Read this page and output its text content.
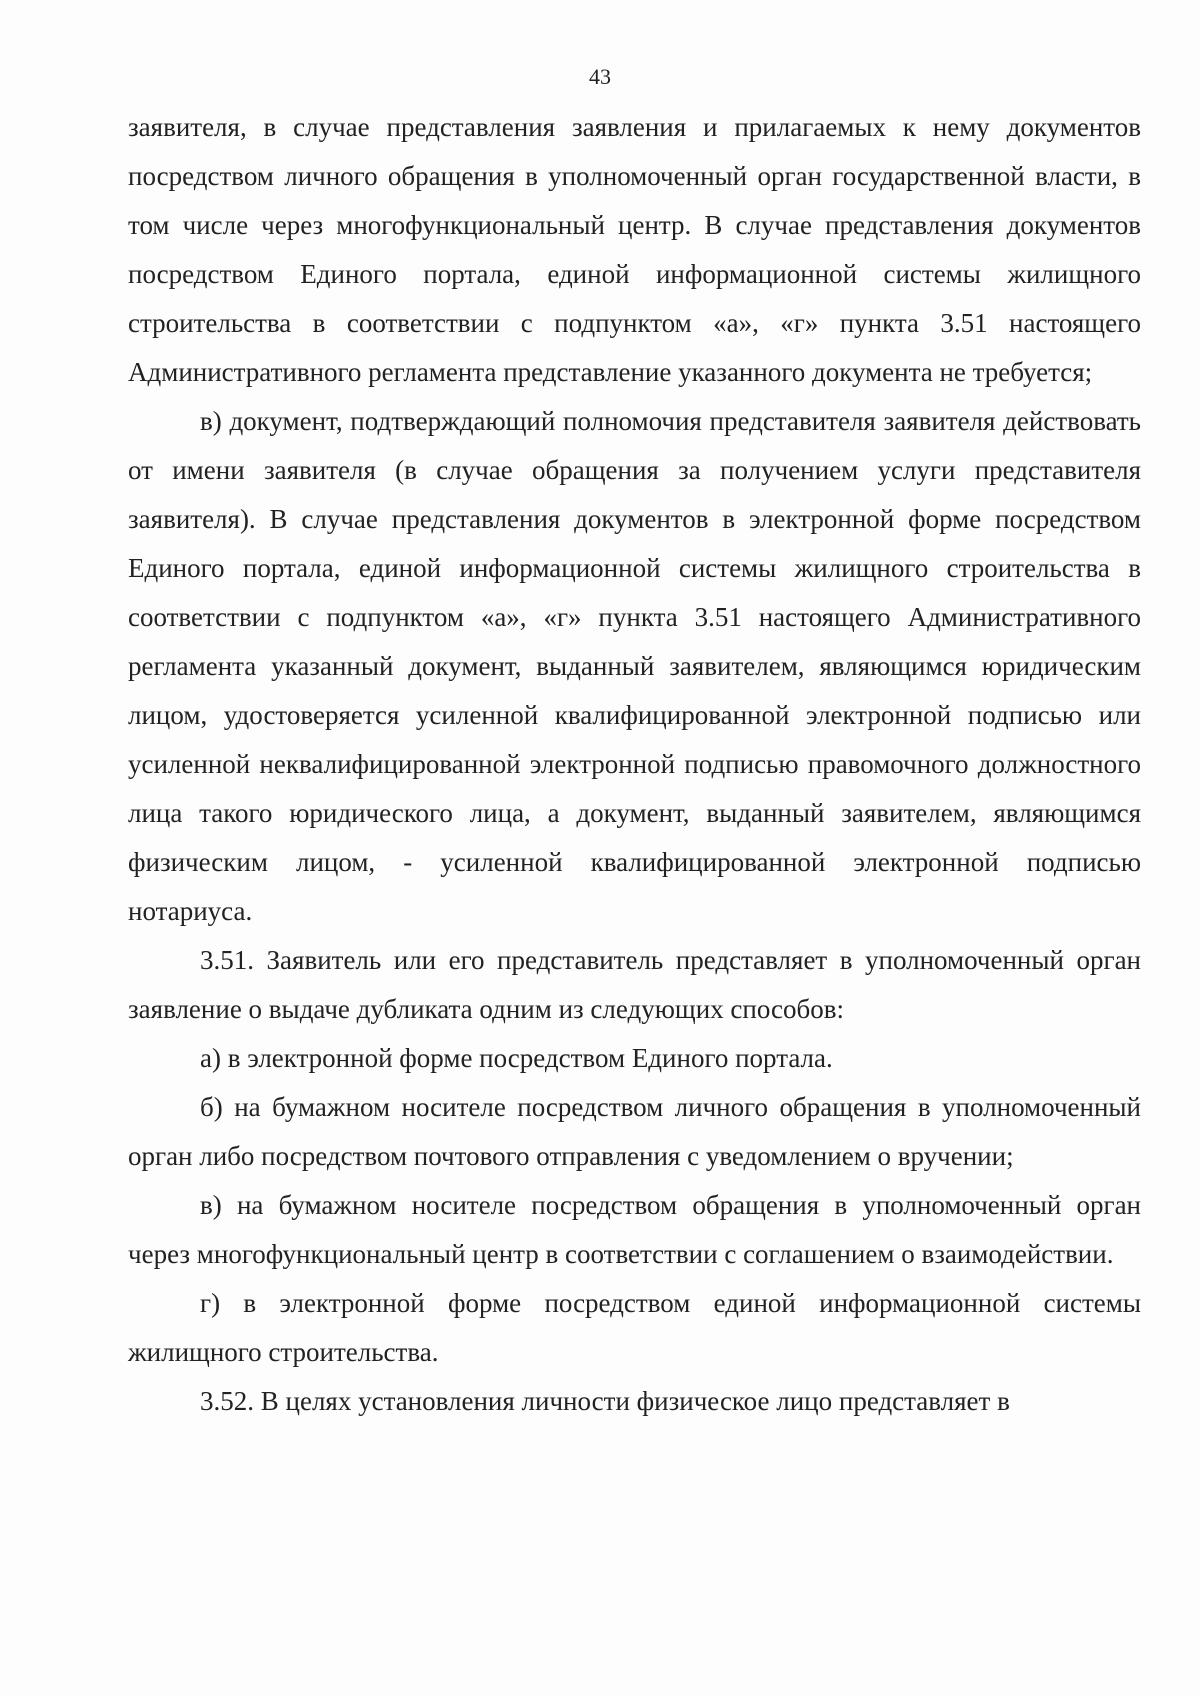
43

заявителя, в случае представления заявления и прилагаемых к нему документов посредством личного обращения в уполномоченный орган государственной власти, в том числе через многофункциональный центр. В случае представления документов посредством Единого портала, единой информационной системы жилищного строительства в соответствии с подпунктом «а», «г» пункта 3.51 настоящего Административного регламента представление указанного документа не требуется;

в) документ, подтверждающий полномочия представителя заявителя действовать от имени заявителя (в случае обращения за получением услуги представителя заявителя). В случае представления документов в электронной форме посредством Единого портала, единой информационной системы жилищного строительства в соответствии с подпунктом «а», «г» пункта 3.51 настоящего Административного регламента указанный документ, выданный заявителем, являющимся юридическим лицом, удостоверяется усиленной квалифицированной электронной подписью или усиленной неквалифицированной электронной подписью правомочного должностного лица такого юридического лица, а документ, выданный заявителем, являющимся физическим лицом, - усиленной квалифицированной электронной подписью нотариуса.

3.51. Заявитель или его представитель представляет в уполномоченный орган заявление о выдаче дубликата одним из следующих способов:

а) в электронной форме посредством Единого портала.

б) на бумажном носителе посредством личного обращения в уполномоченный орган либо посредством почтового отправления с уведомлением о вручении;

в) на бумажном носителе посредством обращения в уполномоченный орган через многофункциональный центр в соответствии с соглашением о взаимодействии.

г) в электронной форме посредством единой информационной системы жилищного строительства.

3.52. В целях установления личности физическое лицо представляет в
